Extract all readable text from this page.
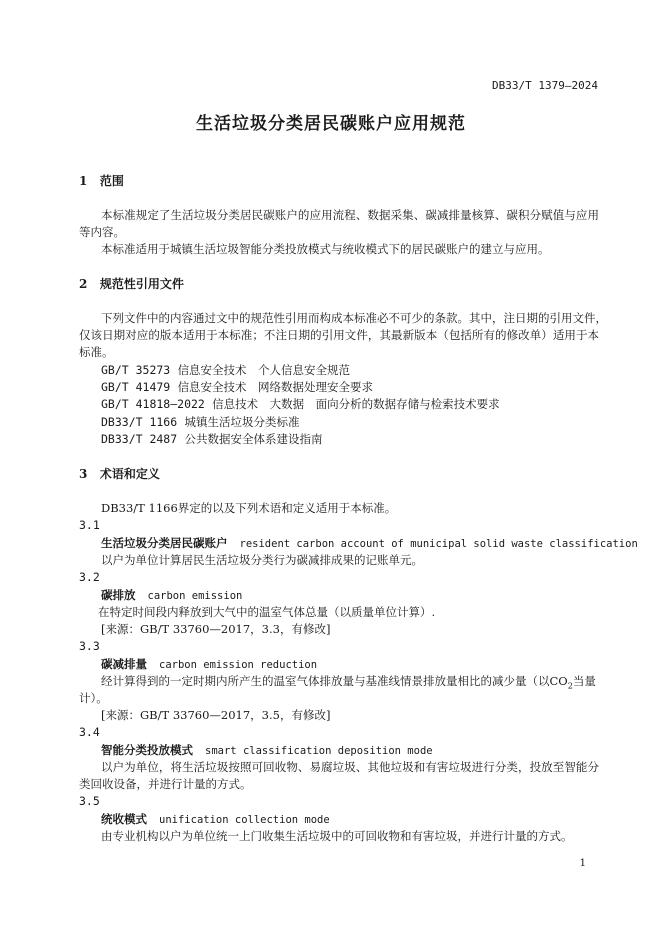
DB33/T 1379—2024
生活垃圾分类居民碳账户应用规范
1 范围
本标准规定了生活垃圾分类居民碳账户的应用流程、数据采集、碳减排量核算、碳积分赋值与应用
等内容。
本标准适用于城镇生活垃圾智能分类投放模式与统收模式下的居民碳账户的建立与应用。
2 规范性引用文件
下列文件中的内容通过文中的规范性引用而构成本标准必不可少的条款。其中，注日期的引用文件，
仅该日期对应的版本适用于本标准；不注日期的引用文件，其最新版本（包括所有的修改单）适用于本
标准。
GB/T 35273 信息安全技术　个人信息安全规范
GB/T 41479 信息安全技术　网络数据处理安全要求
GB/T 41818—2022 信息技术　大数据　面向分析的数据存储与检索技术要求
DB33/T 1166 城镇生活垃圾分类标准
DB33/T 2487 公共数据安全体系建设指南
3 术语和定义
DB33/T 1166界定的以及下列术语和定义适用于本标准。
3.1
生活垃圾分类居民碳账户 resident carbon account of municipal solid waste classification
以户为单位计算居民生活垃圾分类行为碳减排成果的记账单元。
3.2
碳排放 carbon emission
在特定时间段内释放到大气中的温室气体总量（以质量单位计算）.
[来源：GB/T 33760—2017，3.3，有修改]
3.3
碳减排量 carbon emission reduction
经计算得到的一定时期内所产生的温室气体排放量与基准线情景排放量相比的减少量（以$CO_2$当量
计）。
[来源：GB/T 33760—2017，3.5，有修改]
3.4
智能分类投放模式 smart classification deposition mode
以户为单位，将生活垃圾按照可回收物、易腐垃圾、其他垃圾和有害垃圾进行分类，投放至智能分
类回收设备，并进行计量的方式。
3.5
统收模式 unification collection mode
由专业机构以户为单位统一上门收集生活垃圾中的可回收物和有害垃圾，并进行计量的方式。
1
